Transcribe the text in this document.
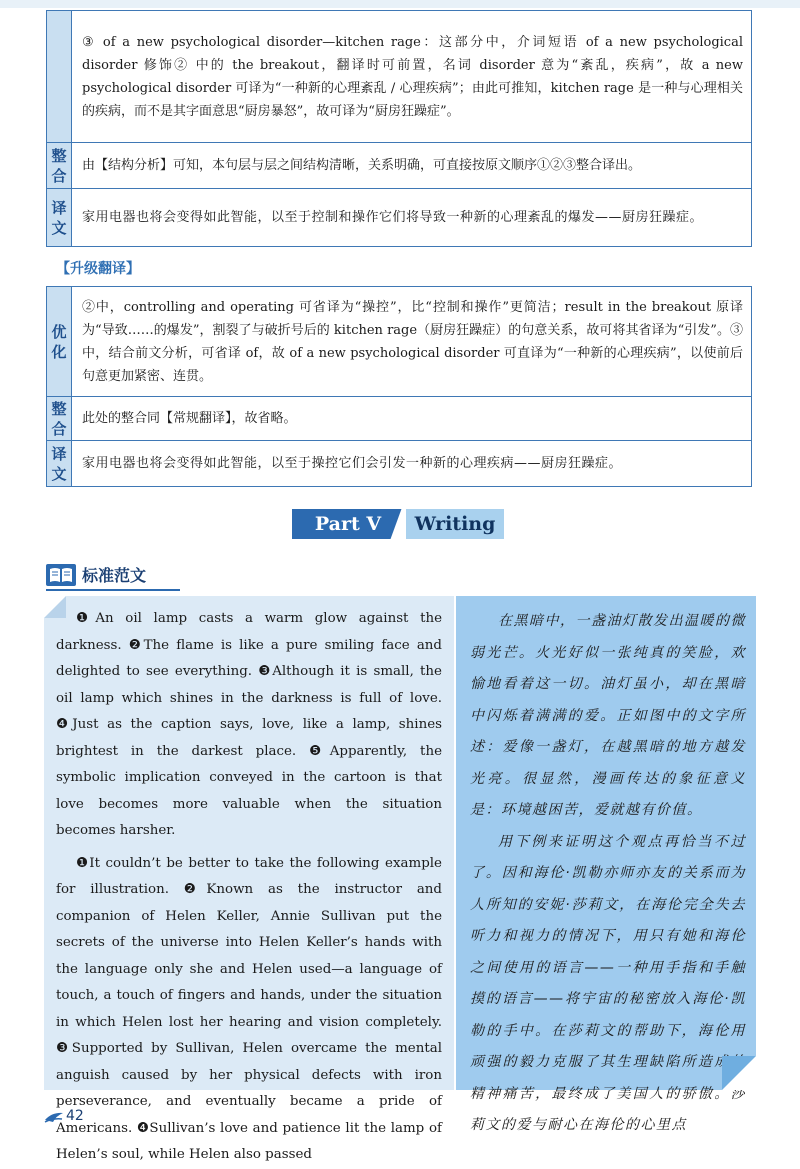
	③ of a new psychological disorder—kitchen rage：这部分中，介词短语 of a new psychological disorder 修饰② 中的 the breakout，翻译时可前置，名词 disorder 意为“紊乱，疾病”，故 a new psychological disorder 可译为“一种新的心理紊乱 / 心理疾病”；由此可推知，kitchen rage 是一种与心理相关的疾病，而不是其字面意思“厨房暴怒”，故可译为“厨房狂躁症”。
整合	由【结构分析】可知，本句层与层之间结构清晰，关系明确，可直接按原文顺序①②③整合译出。
译文	家用电器也将会变得如此智能，以至于控制和操作它们将导致一种新的心理紊乱的爆发——厨房狂躁症。
【升级翻译】
优化	②中，controlling and operating 可省译为“操控”，比“控制和操作”更简洁；result in the breakout 原译为“导致……的爆发”，割裂了与破折号后的 kitchen rage（厨房狂躁症）的句意关系，故可将其省译为“引发”。③中，结合前文分析，可省译 of，故 of a new psychological disorder 可直译为“一种新的心理疾病”，以使前后句意更加紧密、连贯。
整合	此处的整合同【常规翻译】，故省略。
译文	家用电器也将会变得如此智能，以至于操控它们会引发一种新的心理疾病——厨房狂躁症。
Part V	Writing
标准范文

❶An oil lamp casts a warm glow against the darkness. ❷The flame is like a pure smiling face and delighted to see everything. ❸Although it is small, the oil lamp which shines in the darkness is full of love. ❹Just as the caption says, love, like a lamp, shines brightest in the darkest place. ❺Apparently, the symbolic implication conveyed in the cartoon is that love becomes more valuable when the situation becomes harsher.

❶It couldn’t be better to take the following example for illustration. ❷Known as the instructor and companion of Helen Keller, Annie Sullivan put the secrets of the universe into Helen Keller’s hands with the language only she and Helen used—a language of touch, a touch of fingers and hands, under the situation in which Helen lost her hearing and vision completely. ❸Supported by Sullivan, Helen overcame the mental anguish caused by her physical defects with iron perseverance, and eventually became a pride of Americans. ❹Sullivan’s love and patience lit the lamp of Helen’s soul, while Helen also passed

在黑暗中，一盏油灯散发出温暖的微弱光芒。火光好似一张纯真的笑脸，欢愉地看着这一切。油灯虽小，却在黑暗中闪烁着满满的爱。正如图中的文字所述：爱像一盏灯，在越黑暗的地方越发光亮。很显然，漫画传达的象征意义是：环境越困苦，爱就越有价值。

用下例来证明这个观点再恰当不过了。因和海伦·凯勒亦师亦友的关系而为人所知的安妮·莎莉文，在海伦完全失去听力和视力的情况下，用只有她和海伦之间使用的语言——一种用手指和手触摸的语言——将宇宙的秘密放入海伦·凯勒的手中。在莎莉文的帮助下，海伦用顽强的毅力克服了其生理缺陷所造成的精神痛苦，最终成了美国人的骄傲。莎莉文的爱与耐心在海伦的心里点

42
